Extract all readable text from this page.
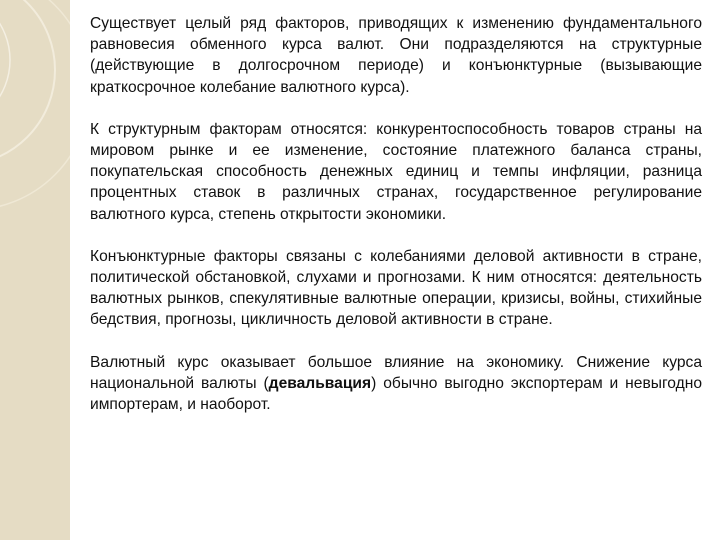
Существует целый ряд факторов, приводящих к изменению фундаментального равновесия обменного курса валют. Они подразделяются на структурные (действующие в долгосрочном периоде) и конъюнктурные (вызывающие краткосрочное колебание валютного курса).

К структурным факторам относятся: конкурентоспособность товаров страны на мировом рынке и ее изменение, состояние платежного баланса страны, покупательская способность денежных единиц и темпы инфляции, разница процентных ставок в различных странах, государственное регулирование валютного курса, степень открытости экономики.

Конъюнктурные факторы связаны с колебаниями деловой активности в стране, политической обстановкой, слухами и прогнозами. К ним относятся: деятельность валютных рынков, спекулятивные валютные операции, кризисы, войны, стихийные бедствия, прогнозы, цикличность деловой активности в стране.

Валютный курс оказывает большое влияние на экономику. Снижение курса национальной валюты (девальвация) обычно выгодно экспортерам и невыгодно импортерам, и наоборот.
